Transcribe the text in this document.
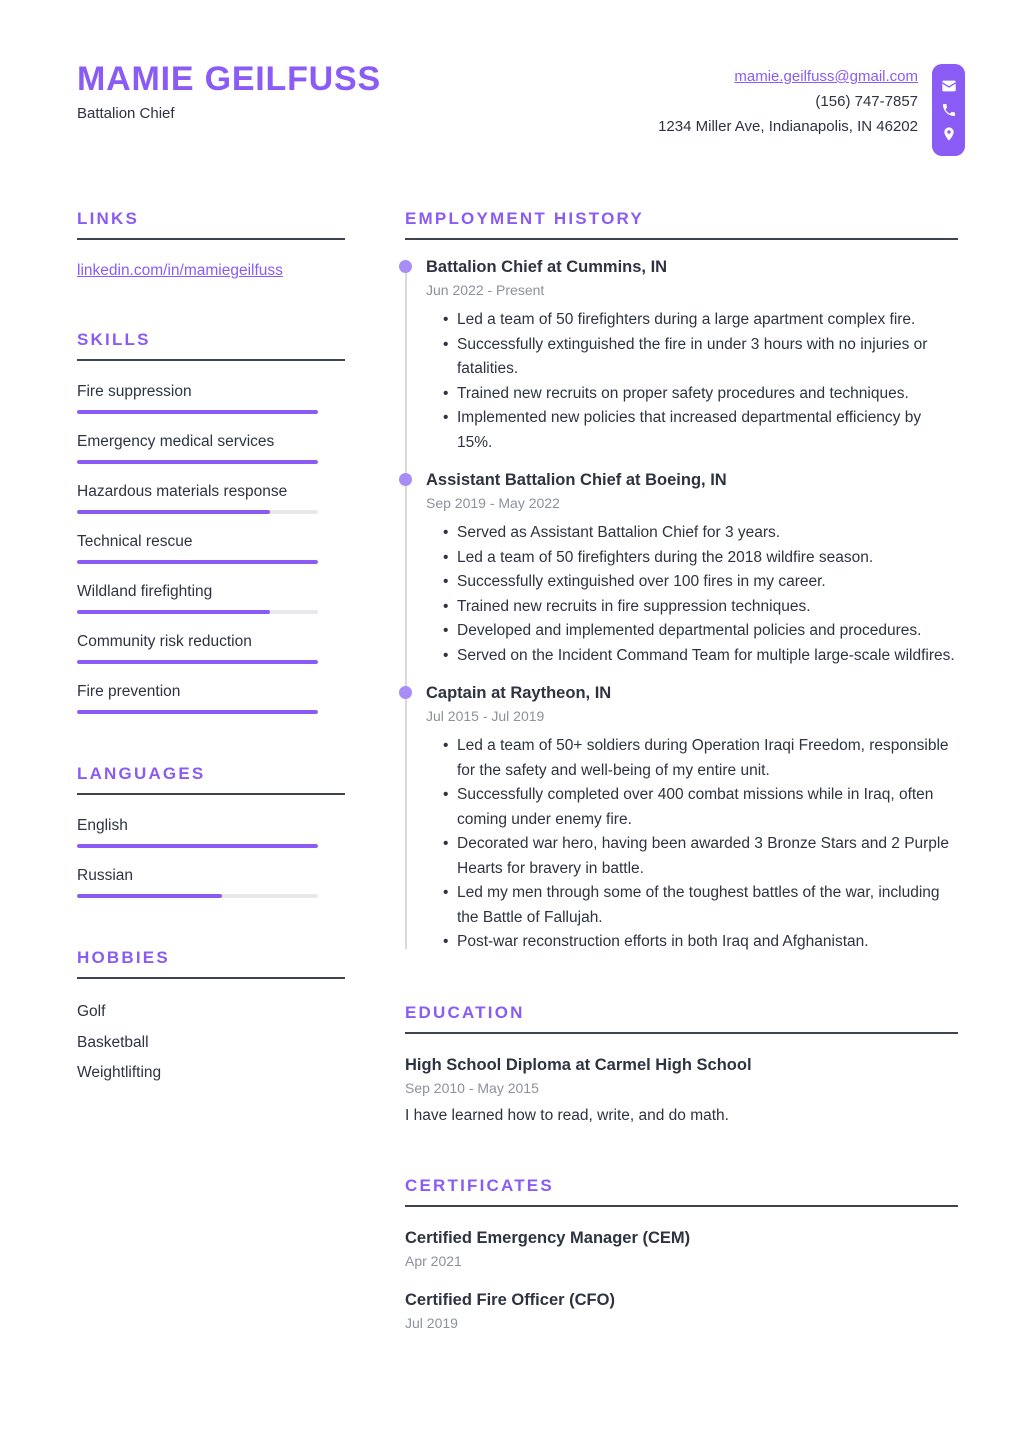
MAMIE GEILFUSS
Battalion Chief
mamie.geilfuss@gmail.com
(156) 747-7857
1234 Miller Ave, Indianapolis, IN 46202
LINKS
linkedin.com/in/mamiegeilfuss
SKILLS
Fire suppression
Emergency medical services
Hazardous materials response
Technical rescue
Wildland firefighting
Community risk reduction
Fire prevention
LANGUAGES
English
Russian
HOBBIES
Golf
Basketball
Weightlifting
EMPLOYMENT HISTORY
Battalion Chief at Cummins, IN
Jun 2022 - Present
• Led a team of 50 firefighters during a large apartment complex fire.
• Successfully extinguished the fire in under 3 hours with no injuries or fatalities.
• Trained new recruits on proper safety procedures and techniques.
• Implemented new policies that increased departmental efficiency by 15%.
Assistant Battalion Chief at Boeing, IN
Sep 2019 - May 2022
• Served as Assistant Battalion Chief for 3 years.
• Led a team of 50 firefighters during the 2018 wildfire season.
• Successfully extinguished over 100 fires in my career.
• Trained new recruits in fire suppression techniques.
• Developed and implemented departmental policies and procedures.
• Served on the Incident Command Team for multiple large-scale wildfires.
Captain at Raytheon, IN
Jul 2015 - Jul 2019
• Led a team of 50+ soldiers during Operation Iraqi Freedom, responsible for the safety and well-being of my entire unit.
• Successfully completed over 400 combat missions while in Iraq, often coming under enemy fire.
• Decorated war hero, having been awarded 3 Bronze Stars and 2 Purple Hearts for bravery in battle.
• Led my men through some of the toughest battles of the war, including the Battle of Fallujah.
• Post-war reconstruction efforts in both Iraq and Afghanistan.
EDUCATION
High School Diploma at Carmel High School
Sep 2010 - May 2015
I have learned how to read, write, and do math.
CERTIFICATES
Certified Emergency Manager (CEM)
Apr 2021
Certified Fire Officer (CFO)
Jul 2019
